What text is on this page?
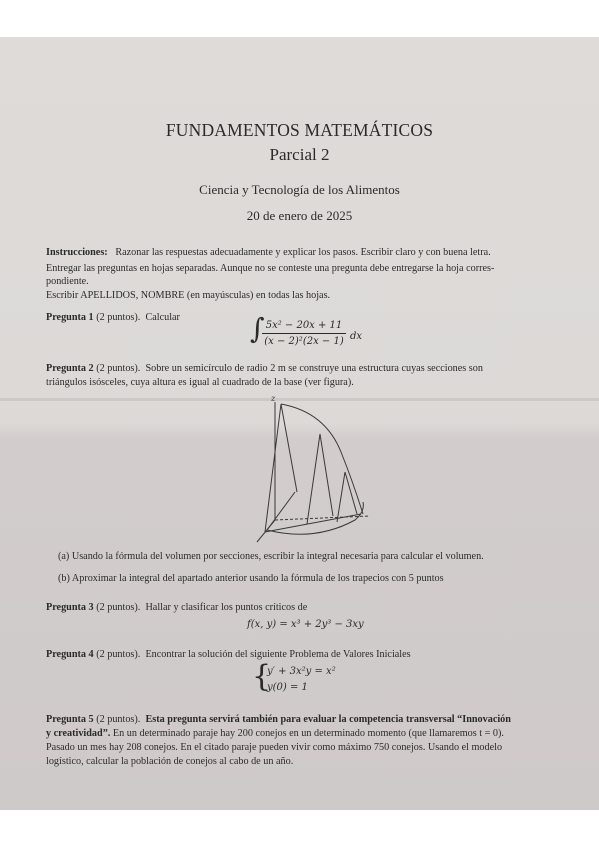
FUNDAMENTOS MATEMÁTICOS
Parcial 2
Ciencia y Tecnología de los Alimentos
20 de enero de 2025
Instrucciones: Razonar las respuestas adecuadamente y explicar los pasos. Escribir claro y con buena letra.
Entregar las preguntas en hojas separadas. Aunque no se conteste una pregunta debe entregarse la hoja corres-
pondiente.
Escribir APELLIDOS, NOMBRE (en mayúsculas) en todas las hojas.
Pregunta 1 (2 puntos). Calcular	∫ 5x² − 20x + 11
(x − 2)²(2x − 1) dx
Pregunta 2 (2 puntos). Sobre un semicírculo de radio 2 m se construye una estructura cuyas secciones son
triángulos isósceles, cuya altura es igual al cuadrado de la base (ver figura).
z
(a) Usando la fórmula del volumen por secciones, escribir la integral necesaria para calcular el volumen.
(b) Aproximar la integral del apartado anterior usando la fórmula de los trapecios con 5 puntos
Pregunta 3 (2 puntos). Hallar y clasificar los puntos críticos de
f(x, y) = x³ + 2y³ − 3xy
Pregunta 4 (2 puntos). Encontrar la solución del siguiente Problema de Valores Iniciales
{
y′ + 3x²y = x²
y(0) = 1
Pregunta 5 (2 puntos). Esta pregunta servirá también para evaluar la competencia transversal “Innovación
y creatividad”. En un determinado paraje hay 200 conejos en un determinado momento (que llamaremos t = 0).
Pasado un mes hay 208 conejos. En el citado paraje pueden vivir como máximo 750 conejos. Usando el modelo
logístico, calcular la población de conejos al cabo de un año.
